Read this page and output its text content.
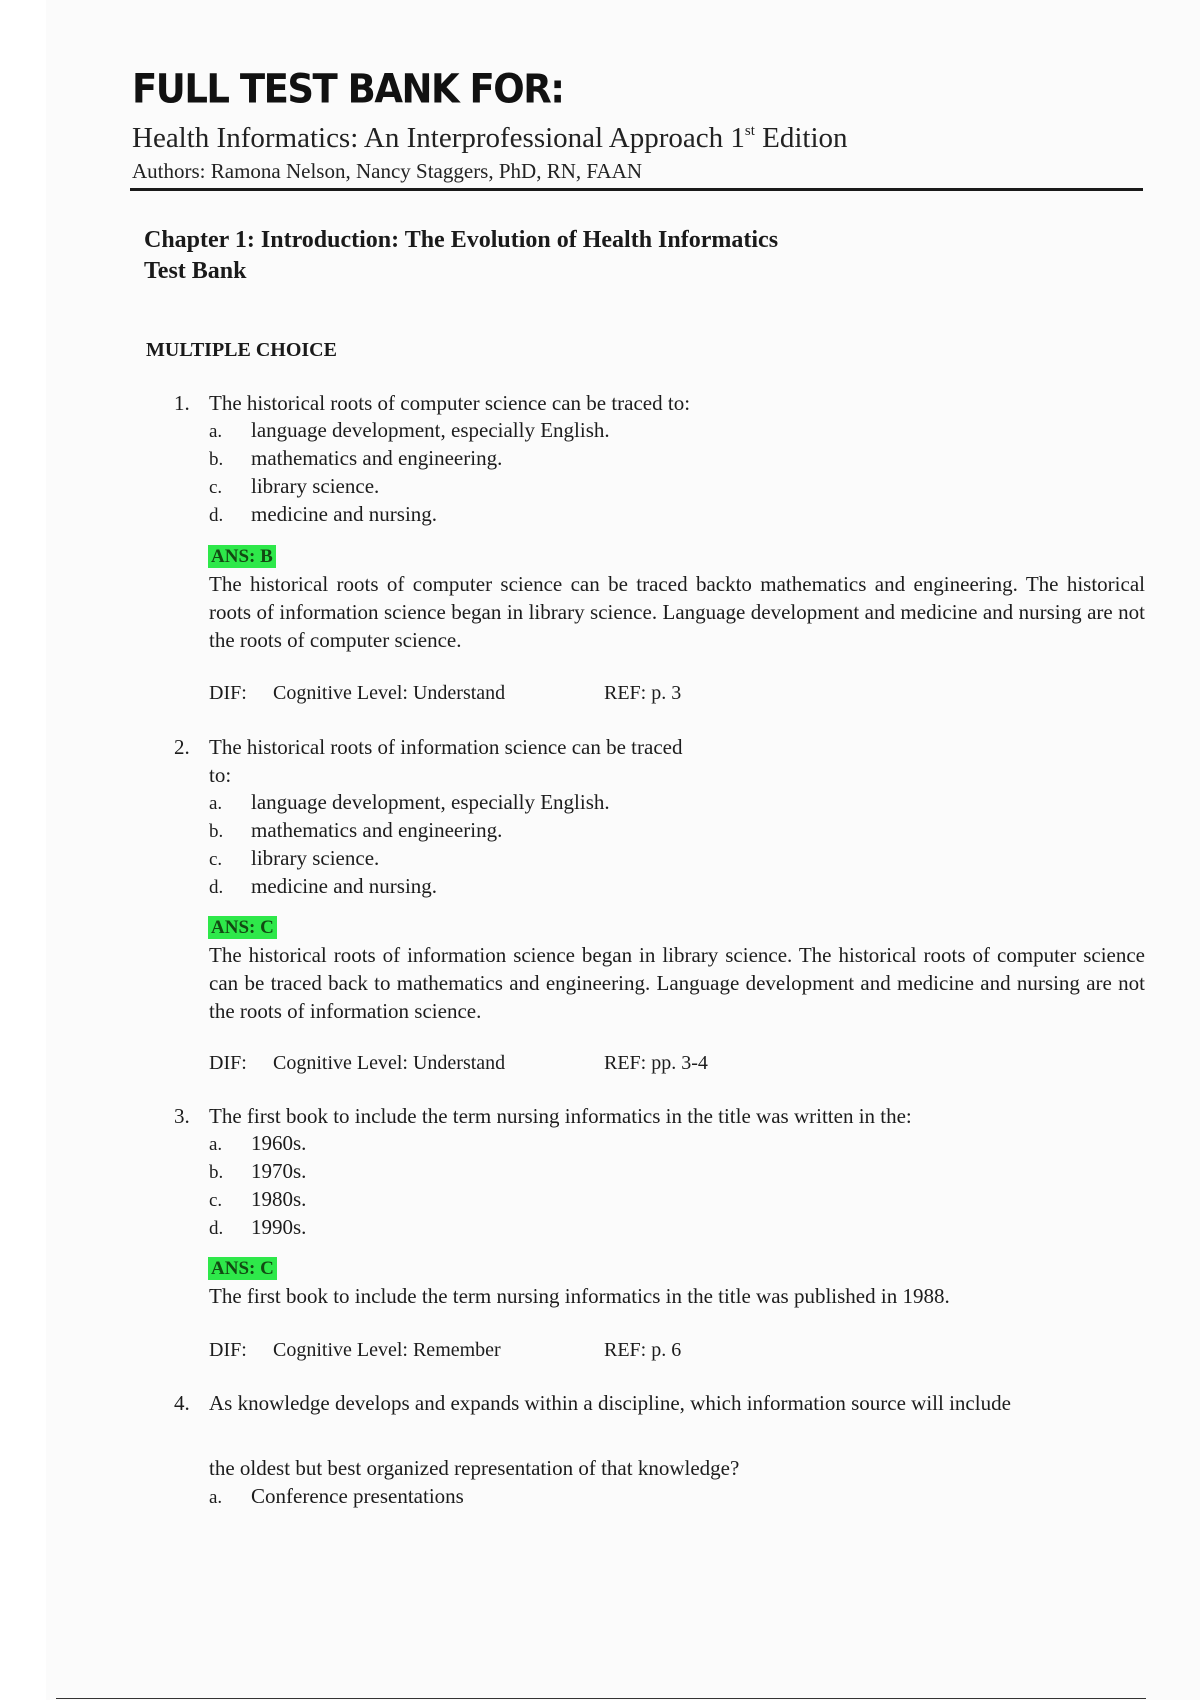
FULL TEST BANK FOR:
Health Informatics: An Interprofessional Approach 1st Edition
Authors: Ramona Nelson, Nancy Staggers, PhD, RN, FAAN
Chapter 1: Introduction: The Evolution of Health Informatics
Test Bank
MULTIPLE CHOICE
1. The historical roots of computer science can be traced to:
a. language development, especially English.
b. mathematics and engineering.
c. library science.
d. medicine and nursing.
ANS: B
The historical roots of computer science can be traced backto mathematics and engineering. The historical roots of information science began in library science. Language development and medicine and nursing are not the roots of computer science.
DIF: Cognitive Level: Understand	REF: p. 3
2. The historical roots of information science can be traced
to:
a. language development, especially English.
b. mathematics and engineering.
c. library science.
d. medicine and nursing.
ANS: C
The historical roots of information science began in library science. The historical roots of computer science can be traced back to mathematics and engineering. Language development and medicine and nursing are not the roots of information science.
DIF: Cognitive Level: Understand	REF: pp. 3-4
3. The first book to include the term nursing informatics in the title was written in the:
a. 1960s.
b. 1970s.
c. 1980s.
d. 1990s.
ANS: C
The first book to include the term nursing informatics in the title was published in 1988.
DIF: Cognitive Level: Remember	REF: p. 6
4. As knowledge develops and expands within a discipline, which information source will include
the oldest but best organized representation of that knowledge?
a. Conference presentations
